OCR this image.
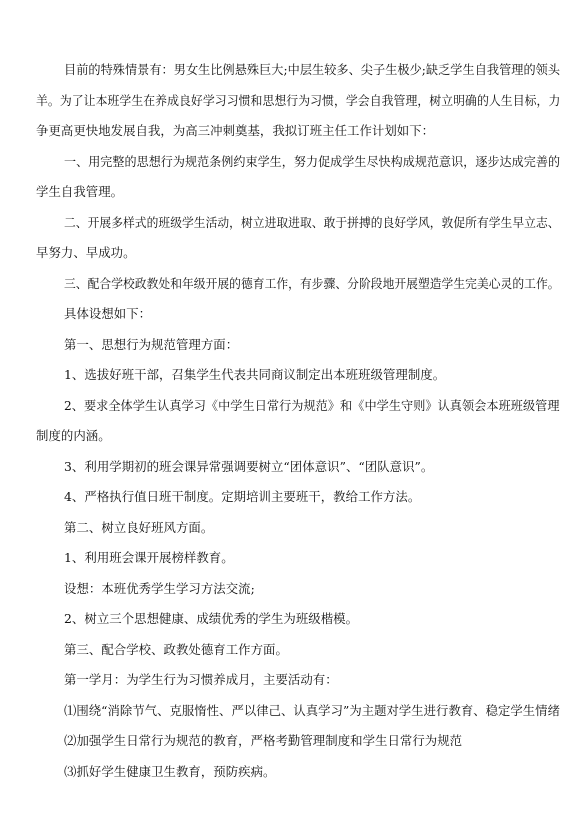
目前的特殊情景有：男女生比例悬殊巨大;中层生较多、尖子生极少;缺乏学生自我管理的领头
羊。为了让本班学生在养成良好学习习惯和思想行为习惯，学会自我管理，树立明确的人生目标，力
争更高更快地发展自我，为高三冲刺奠基，我拟订班主任工作计划如下：
一、用完整的思想行为规范条例约束学生，努力促成学生尽快构成规范意识，逐步达成完善的
学生自我管理。
二、开展多样式的班级学生活动，树立进取进取、敢于拼搏的良好学风，敦促所有学生早立志、
早努力、早成功。
三、配合学校政教处和年级开展的德育工作，有步骤、分阶段地开展塑造学生完美心灵的工作。
具体设想如下：
第一、思想行为规范管理方面：
1、选拔好班干部，召集学生代表共同商议制定出本班班级管理制度。
2、要求全体学生认真学习《中学生日常行为规范》和《中学生守则》认真领会本班班级管理
制度的内涵。
3、利用学期初的班会课异常强调要树立“团体意识”、“团队意识”。
4、严格执行值日班干制度。定期培训主要班干，教给工作方法。
第二、树立良好班风方面。
1、利用班会课开展榜样教育。
设想：本班优秀学生学习方法交流;
2、树立三个思想健康、成绩优秀的学生为班级楷模。
第三、配合学校、政教处德育工作方面。
第一学月：为学生行为习惯养成月，主要活动有：
⑴围绕“消除节气、克服惰性、严以律己、认真学习”为主题对学生进行教育、稳定学生情绪
⑵加强学生日常行为规范的教育，严格考勤管理制度和学生日常行为规范
⑶抓好学生健康卫生教育，预防疾病。
